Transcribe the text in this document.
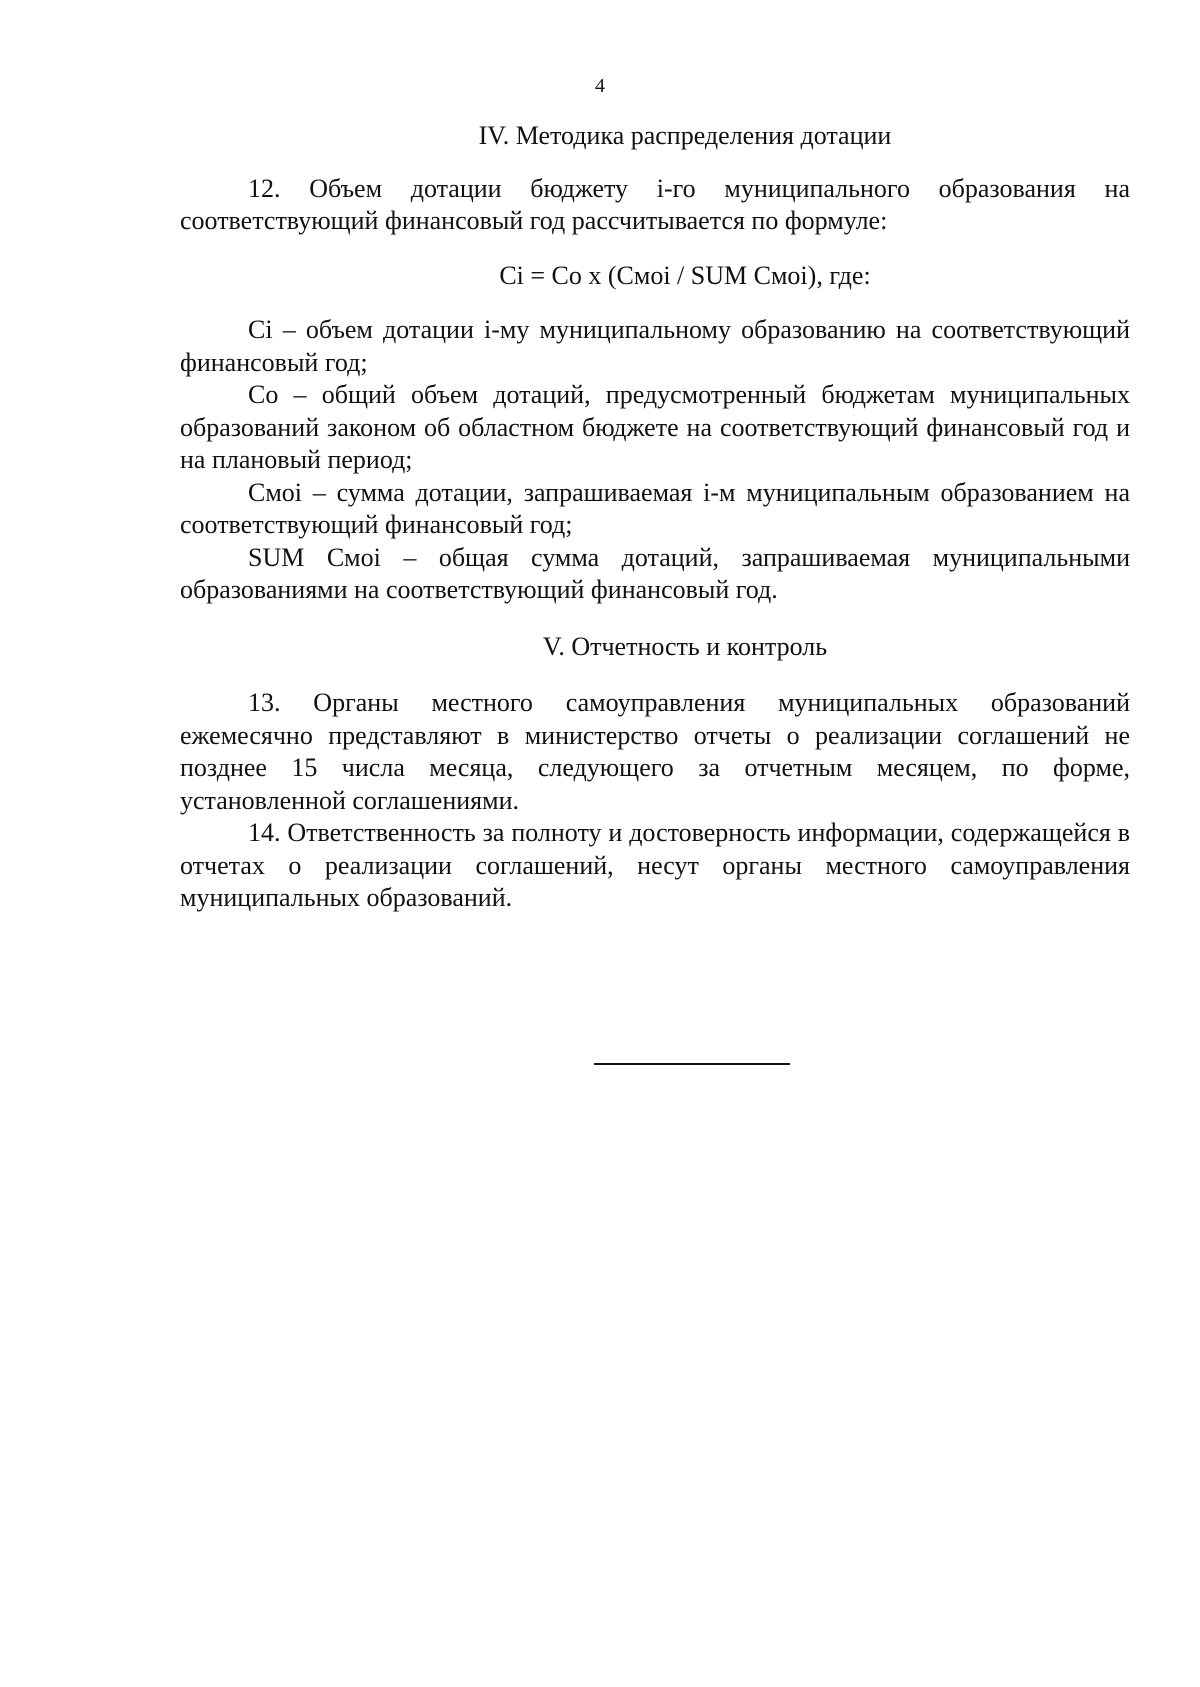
4
IV. Методика распределения дотации

12. Объем дотации бюджету i-го муниципального образования на соответствующий финансовый год рассчитывается по формуле:

Ci = Co x (Cмoi / SUM Cмoi), где:

Ci – объем дотации i-му муниципальному образованию на соответствующий финансовый год;

Co – общий объем дотаций, предусмотренный бюджетам муниципальных образований законом об областном бюджете на соответствующий финансовый год и на плановый период;

Cмoi – сумма дотации, запрашиваемая i-м муниципальным образованием на соответствующий финансовый год;

SUM Cмoi – общая сумма дотаций, запрашиваемая муниципальными образованиями на соответствующий финансовый год.

V. Отчетность и контроль

13. Органы местного самоуправления муниципальных образований ежемесячно представляют в министерство отчеты о реализации соглашений не позднее 15 числа месяца, следующего за отчетным месяцем, по форме, установленной соглашениями.

14. Ответственность за полноту и достоверность информации, содержащейся в отчетах о реализации соглашений, несут органы местного самоуправления муниципальных образований.
